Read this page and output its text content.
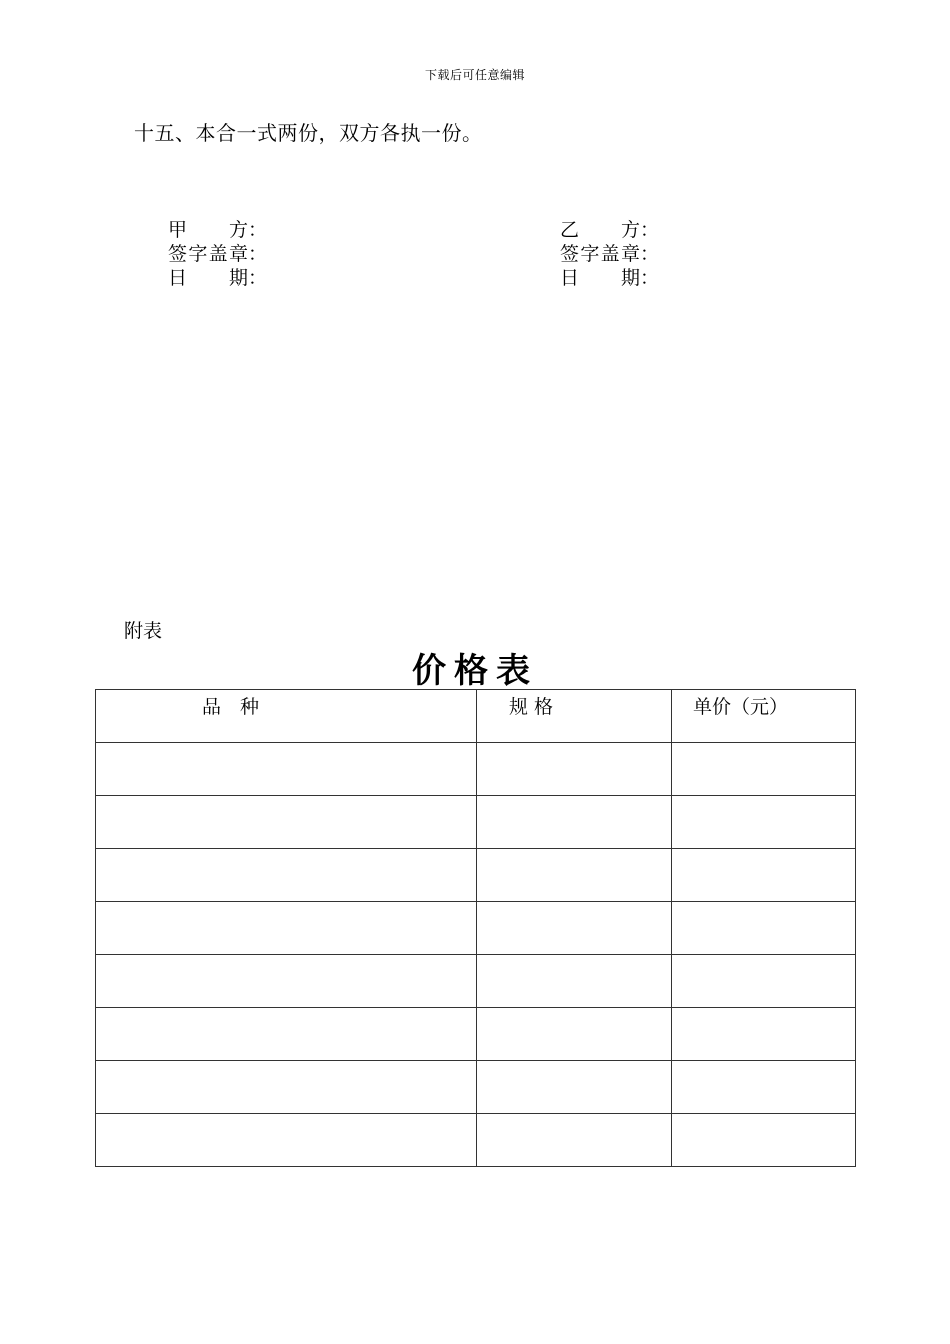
下载后可任意编辑
十五、本合一式两份，双方各执一份。
甲 方 ：
签 字 盖 章 ：
日 期 ：
乙 方 ：
签 字 盖 章 ：
日 期 ：
附表
价格表
品　种	规 格	单价（元）
